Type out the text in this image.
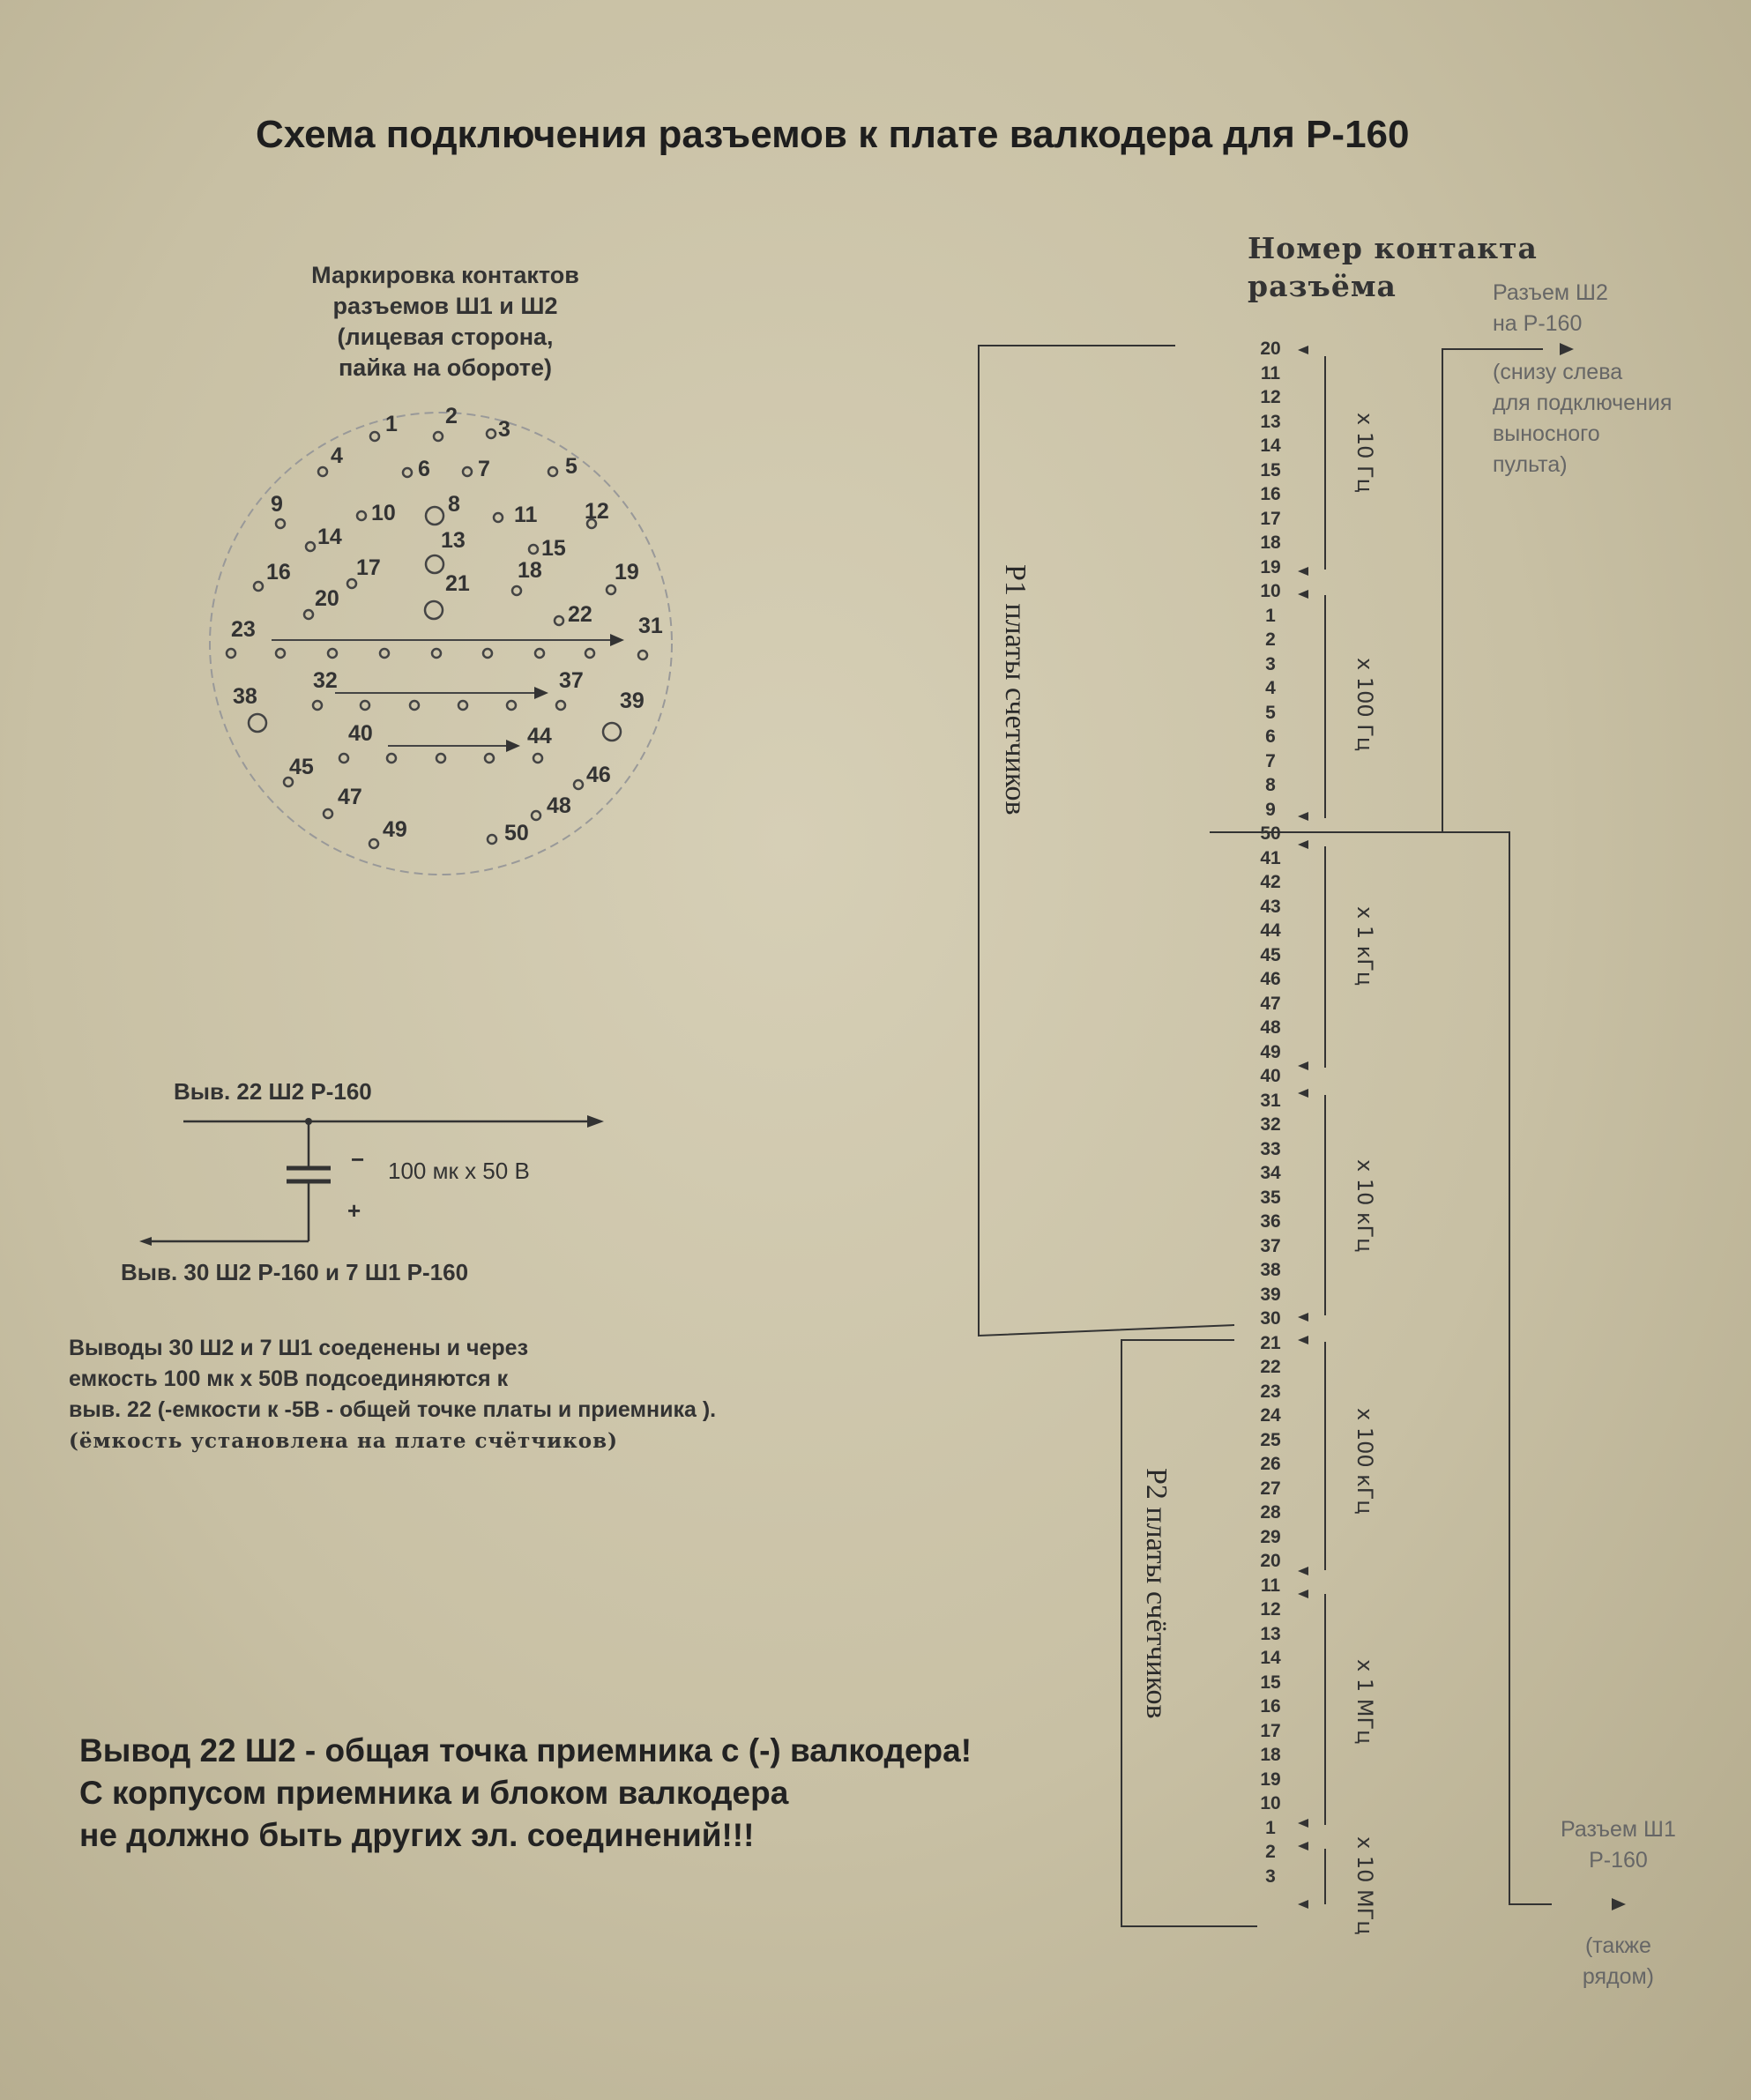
Схема подключения разъемов к плате валкодера для Р-160
Маркировка контактов
разъемов Ш1 и Ш2
(лицевая сторона,
пайка на обороте)
1 2
3
4	5
6 7
8
9	10	11 12
13
14	15
16	17	18	19
20
21
22
23	31
32	37
38	39
40	44
45	46
47	48
49	50
Номер контакта
разъёма	Разъем Ш2
на Р-160
(снизу слева
для подключения
выносного
пульта)
Разъем Ш1
Р-160
(также
рядом)
20
11
12
13
14
15
16
17
18
19
10
1
2
3
4
5
6
7
8
9
50
41
42
43
44
45
46
47
48
49
40
31
32
33
34
35
36
37
38
39
30
21
22
23
24
25
26
27
28
29
20
11
12
13
14
15
16
17
18
19
10
1
2
3
х 10 Гц
х 100 Гц
х 1 кГц
х 10 кГц
х 100 кГц
х 1 МГц
х 10 МГц
Р1 платы счетчиков
Р2 платы счётчиков
Выв. 22 Ш2 Р-160
− 100 мк х 50 В
+
Выв. 30 Ш2 Р-160 и 7 Ш1 Р-160
Выводы 30 Ш2 и 7 Ш1 соеденены и через
емкость 100 мк х 50В подсоединяются к
выв. 22 (-емкости к -5В - общей точке платы и приемника ).
(ёмкость установлена на плате счётчиков)
Вывод 22 Ш2 - общая точка приемника с (-) валкодера!
С корпусом приемника и блоком валкодера
не должно быть других эл. соединений!!!
